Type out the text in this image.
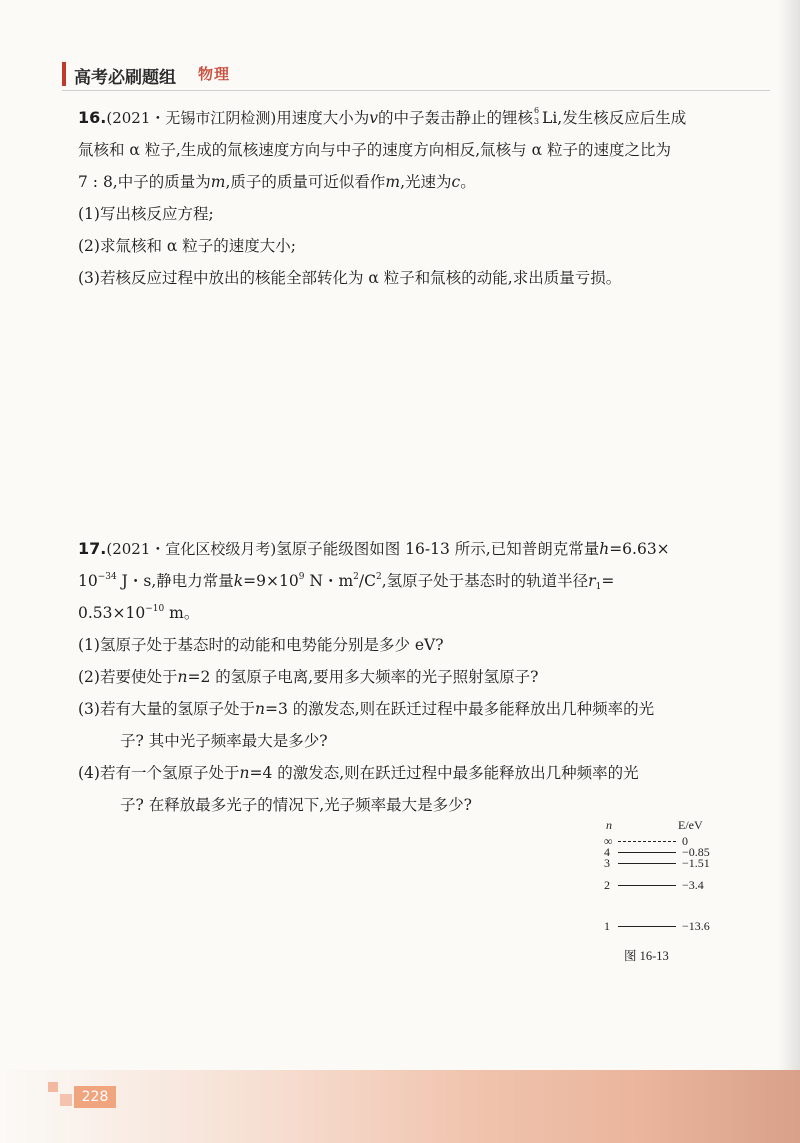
高考必刷题组 物理
16.(2021・无锡市江阴检测)用速度大小为v的中子轰击静止的锂核 6
3 Li,发生核反应后生成
氚核和 α 粒子,生成的氚核速度方向与中子的速度方向相反,氚核与 α 粒子的速度之比为
7 : 8,中子的质量为m,质子的质量可近似看作m,光速为c。
(1)写出核反应方程;
(2)求氚核和 α 粒子的速度大小;
(3)若核反应过程中放出的核能全部转化为 α 粒子和氚核的动能,求出质量亏损。
17.(2021・宣化区校级月考)氢原子能级图如图 16-13 所示,已知普朗克常量h=6.63×
$10^{-34}$ J・s,静电力常量$k=9\times 10^9$ N・$m^2/C^2$,氢原子处于基态时的轨道半径$r_1=$
$0.53\times 10^{-10}$ m。
(1)氢原子处于基态时的动能和电势能分别是多少 eV?
(2)若要使处于n=2 的氢原子电离,要用多大频率的光子照射氢原子?
(3)若有大量的氢原子处于n=3 的激发态,则在跃迁过程中最多能释放出几种频率的光
子? 其中光子频率最大是多少?
(4)若有一个氢原子处于n=4 的激发态,则在跃迁过程中最多能释放出几种频率的光
子? 在释放最多光子的情况下,光子频率最大是多少?
n	E/eV
∞	0
4	−0.85
3	−1.51
2	−3.4
1	−13.6
图 16-13
228
